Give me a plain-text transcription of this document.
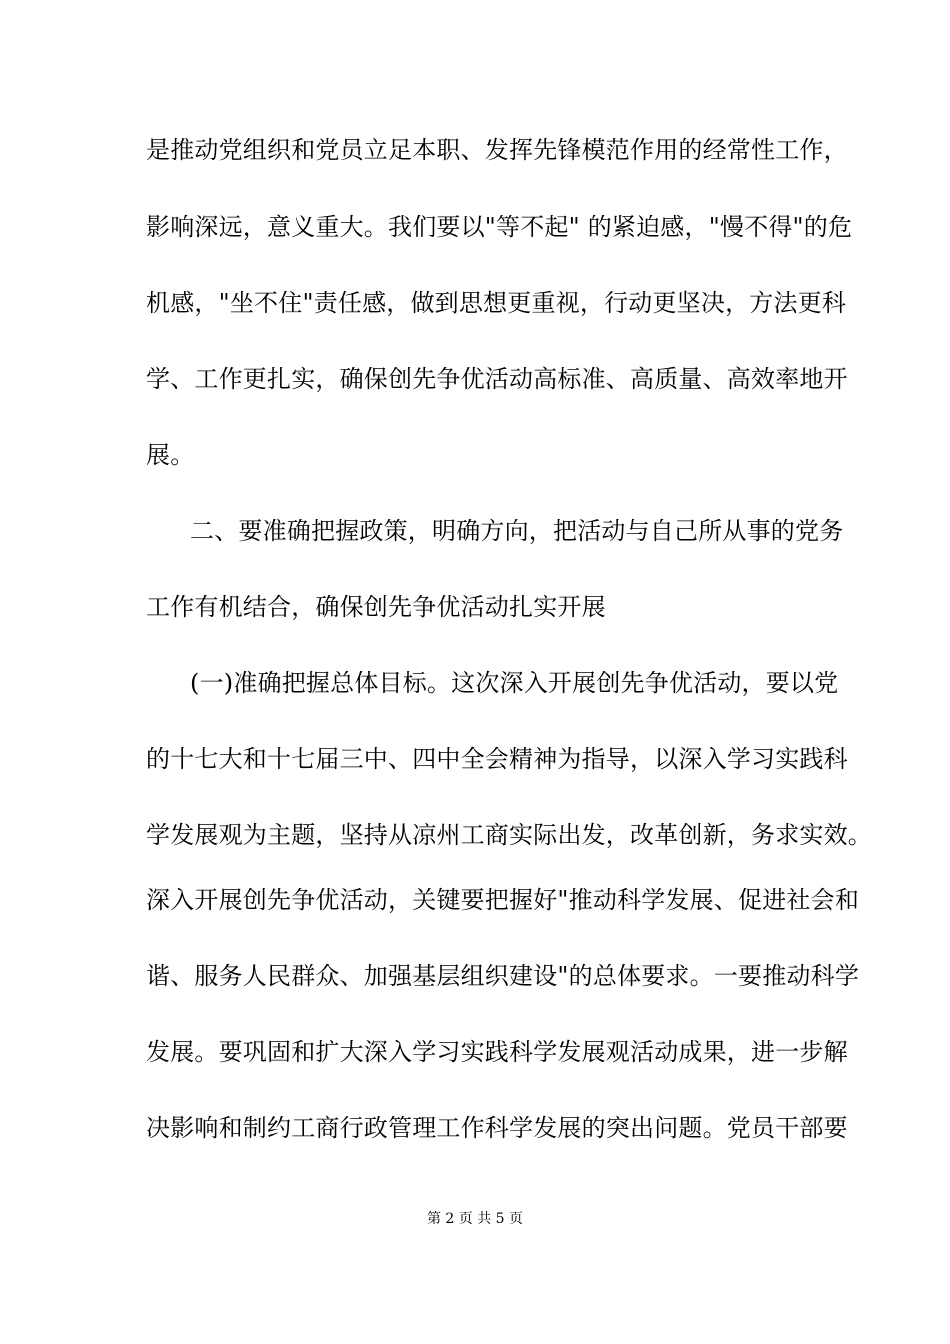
是推动党组织和党员立足本职、发挥先锋模范作用的经常性工作，
影响深远，意义重大。我们要以"等不起" 的紧迫感，"慢不得"的危
机感，"坐不住"责任感，做到思想更重视，行动更坚决，方法更科
学、工作更扎实，确保创先争优活动高标准、高质量、高效率地开
展。
二、要准确把握政策，明确方向，把活动与自己所从事的党务
工作有机结合，确保创先争优活动扎实开展
(一)准确把握总体目标。这次深入开展创先争优活动，要以党
的十七大和十七届三中、四中全会精神为指导，以深入学习实践科
学发展观为主题，坚持从凉州工商实际出发，改革创新，务求实效。
深入开展创先争优活动，关键要把握好"推动科学发展、促进社会和
谐、服务人民群众、加强基层组织建设"的总体要求。一要推动科学
发展。要巩固和扩大深入学习实践科学发展观活动成果，进一步解
决影响和制约工商行政管理工作科学发展的突出问题。党员干部要
第 2 页 共 5 页
